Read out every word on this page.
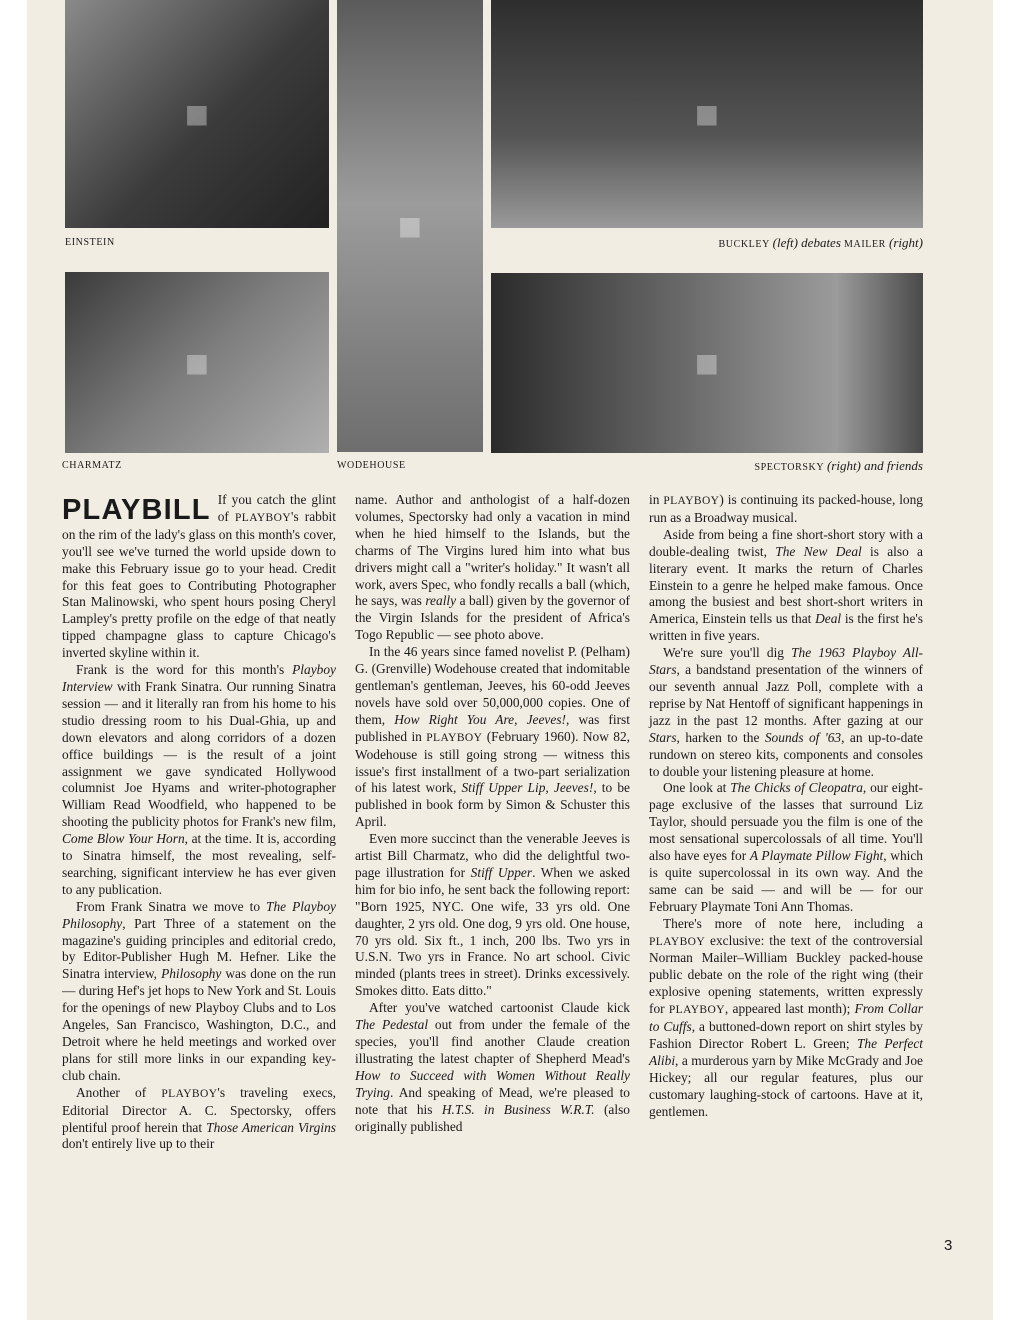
◼
◼
◼
◼	◼
EINSTEIN	BUCKLEY (left) debates MAILER (right)
CHARMATZ	WODEHOUSE	SPECTORSKY (right) and friends
PLAYBILL If you catch the glint of PLAYBOY's rabbit on the rim of the lady's glass on this month's cover, you'll see we've turned the world upside down to make this February issue go to your head. Credit for this feat goes to Contributing Photographer Stan Malinowski, who spent hours posing Cheryl Lampley's pretty profile on the edge of that neatly tipped champagne glass to capture Chicago's inverted skyline within it.

Frank is the word for this month's Playboy Interview with Frank Sinatra. Our running Sinatra session — and it literally ran from his home to his studio dressing room to his Dual-Ghia, up and down elevators and along corridors of a dozen office buildings — is the result of a joint assignment we gave syndicated Hollywood columnist Joe Hyams and writer-photographer William Read Woodfield, who happened to be shooting the publicity photos for Frank's new film, Come Blow Your Horn, at the time. It is, according to Sinatra himself, the most revealing, self-searching, significant interview he has ever given to any publication.

From Frank Sinatra we move to The Playboy Philosophy, Part Three of a statement on the magazine's guiding principles and editorial credo, by Editor-Publisher Hugh M. Hefner. Like the Sinatra interview, Philosophy was done on the run — during Hef's jet hops to New York and St. Louis for the openings of new Playboy Clubs and to Los Angeles, San Francisco, Washington, D.C., and Detroit where he held meetings and worked over plans for still more links in our expanding key-club chain.

Another of PLAYBOY's traveling execs, Editorial Director A. C. Spectorsky, offers plentiful proof herein that Those American Virgins don't entirely live up to their

name. Author and anthologist of a half-dozen volumes, Spectorsky had only a vacation in mind when he hied himself to the Islands, but the charms of The Virgins lured him into what bus drivers might call a "writer's holiday." It wasn't all work, avers Spec, who fondly recalls a ball (which, he says, was really a ball) given by the governor of the Virgin Islands for the president of Africa's Togo Republic — see photo above.

In the 46 years since famed novelist P. (Pelham) G. (Grenville) Wodehouse created that indomitable gentleman's gentleman, Jeeves, his 60-odd Jeeves novels have sold over 50,000,000 copies. One of them, How Right You Are, Jeeves!, was first published in PLAYBOY (February 1960). Now 82, Wodehouse is still going strong — witness this issue's first installment of a two-part serialization of his latest work, Stiff Upper Lip, Jeeves!, to be published in book form by Simon & Schuster this April.

Even more succinct than the venerable Jeeves is artist Bill Charmatz, who did the delightful two-page illustration for Stiff Upper. When we asked him for bio info, he sent back the following report: "Born 1925, NYC. One wife, 33 yrs old. One daughter, 2 yrs old. One dog, 9 yrs old. One house, 70 yrs old. Six ft., 1 inch, 200 lbs. Two yrs in U.S.N. Two yrs in France. No art school. Civic minded (plants trees in street). Drinks excessively. Smokes ditto. Eats ditto."

After you've watched cartoonist Claude kick The Pedestal out from under the female of the species, you'll find another Claude creation illustrating the latest chapter of Shepherd Mead's How to Succeed with Women Without Really Trying. And speaking of Mead, we're pleased to note that his H.T.S. in Business W.R.T. (also originally published

in PLAYBOY) is continuing its packed-house, long run as a Broadway musical.

Aside from being a fine short-short story with a double-dealing twist, The New Deal is also a literary event. It marks the return of Charles Einstein to a genre he helped make famous. Once among the busiest and best short-short writers in America, Einstein tells us that Deal is the first he's written in five years.

We're sure you'll dig The 1963 Playboy All-Stars, a bandstand presentation of the winners of our seventh annual Jazz Poll, complete with a reprise by Nat Hentoff of significant happenings in jazz in the past 12 months. After gazing at our Stars, harken to the Sounds of '63, an up-to-date rundown on stereo kits, components and consoles to double your listening pleasure at home.

One look at The Chicks of Cleopatra, our eight-page exclusive of the lasses that surround Liz Taylor, should persuade you the film is one of the most sensational supercolossals of all time. You'll also have eyes for A Playmate Pillow Fight, which is quite supercolossal in its own way. And the same can be said — and will be — for our February Playmate Toni Ann Thomas.

There's more of note here, including a PLAYBOY exclusive: the text of the controversial Norman Mailer–William Buckley packed-house public debate on the role of the right wing (their explosive opening statements, written expressly for PLAYBOY, appeared last month); From Collar to Cuffs, a buttoned-down report on shirt styles by Fashion Director Robert L. Green; The Perfect Alibi, a murderous yarn by Mike McGrady and Joe Hickey; all our regular features, plus our customary laughing-stock of cartoons. Have at it, gentlemen.

3
